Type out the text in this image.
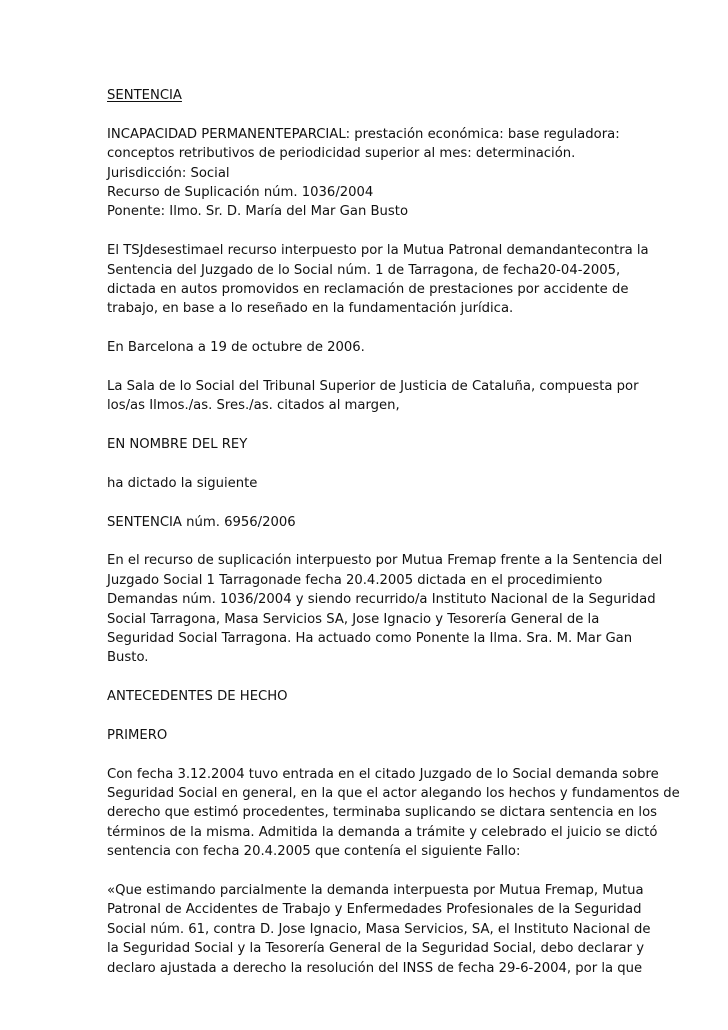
SENTENCIA
INCAPACIDAD PERMANENTEPARCIAL: prestación económica: base reguladora:
conceptos retributivos de periodicidad superior al mes: determinación.
Jurisdicción: Social
Recurso de Suplicación núm. 1036/2004
Ponente: Ilmo. Sr. D. María del Mar Gan Busto
El TSJdesestimael recurso interpuesto por la Mutua Patronal demandantecontra la
Sentencia del Juzgado de lo Social núm. 1 de Tarragona, de fecha20-04-2005,
dictada en autos promovidos en reclamación de prestaciones por accidente de
trabajo, en base a lo reseñado en la fundamentación jurídica.
En Barcelona a 19 de octubre de 2006.
La Sala de lo Social del Tribunal Superior de Justicia de Cataluña, compuesta por
los/as Ilmos./as. Sres./as. citados al margen,
EN NOMBRE DEL REY
ha dictado la siguiente
SENTENCIA núm. 6956/2006
En el recurso de suplicación interpuesto por Mutua Fremap frente a la Sentencia del
Juzgado Social 1 Tarragonade fecha 20.4.2005 dictada en el procedimiento
Demandas núm. 1036/2004 y siendo recurrido/a Instituto Nacional de la Seguridad
Social Tarragona, Masa Servicios SA, Jose Ignacio y Tesorería General de la
Seguridad Social Tarragona. Ha actuado como Ponente la Ilma. Sra. M. Mar Gan
Busto.
ANTECEDENTES DE HECHO
PRIMERO
Con fecha 3.12.2004 tuvo entrada en el citado Juzgado de lo Social demanda sobre
Seguridad Social en general, en la que el actor alegando los hechos y fundamentos de
derecho que estimó procedentes, terminaba suplicando se dictara sentencia en los
términos de la misma. Admitida la demanda a trámite y celebrado el juicio se dictó
sentencia con fecha 20.4.2005 que contenía el siguiente Fallo:
«Que estimando parcialmente la demanda interpuesta por Mutua Fremap, Mutua
Patronal de Accidentes de Trabajo y Enfermedades Profesionales de la Seguridad
Social núm. 61, contra D. Jose Ignacio, Masa Servicios, SA, el Instituto Nacional de
la Seguridad Social y la Tesorería General de la Seguridad Social, debo declarar y
declaro ajustada a derecho la resolución del INSS de fecha 29-6-2004, por la que
